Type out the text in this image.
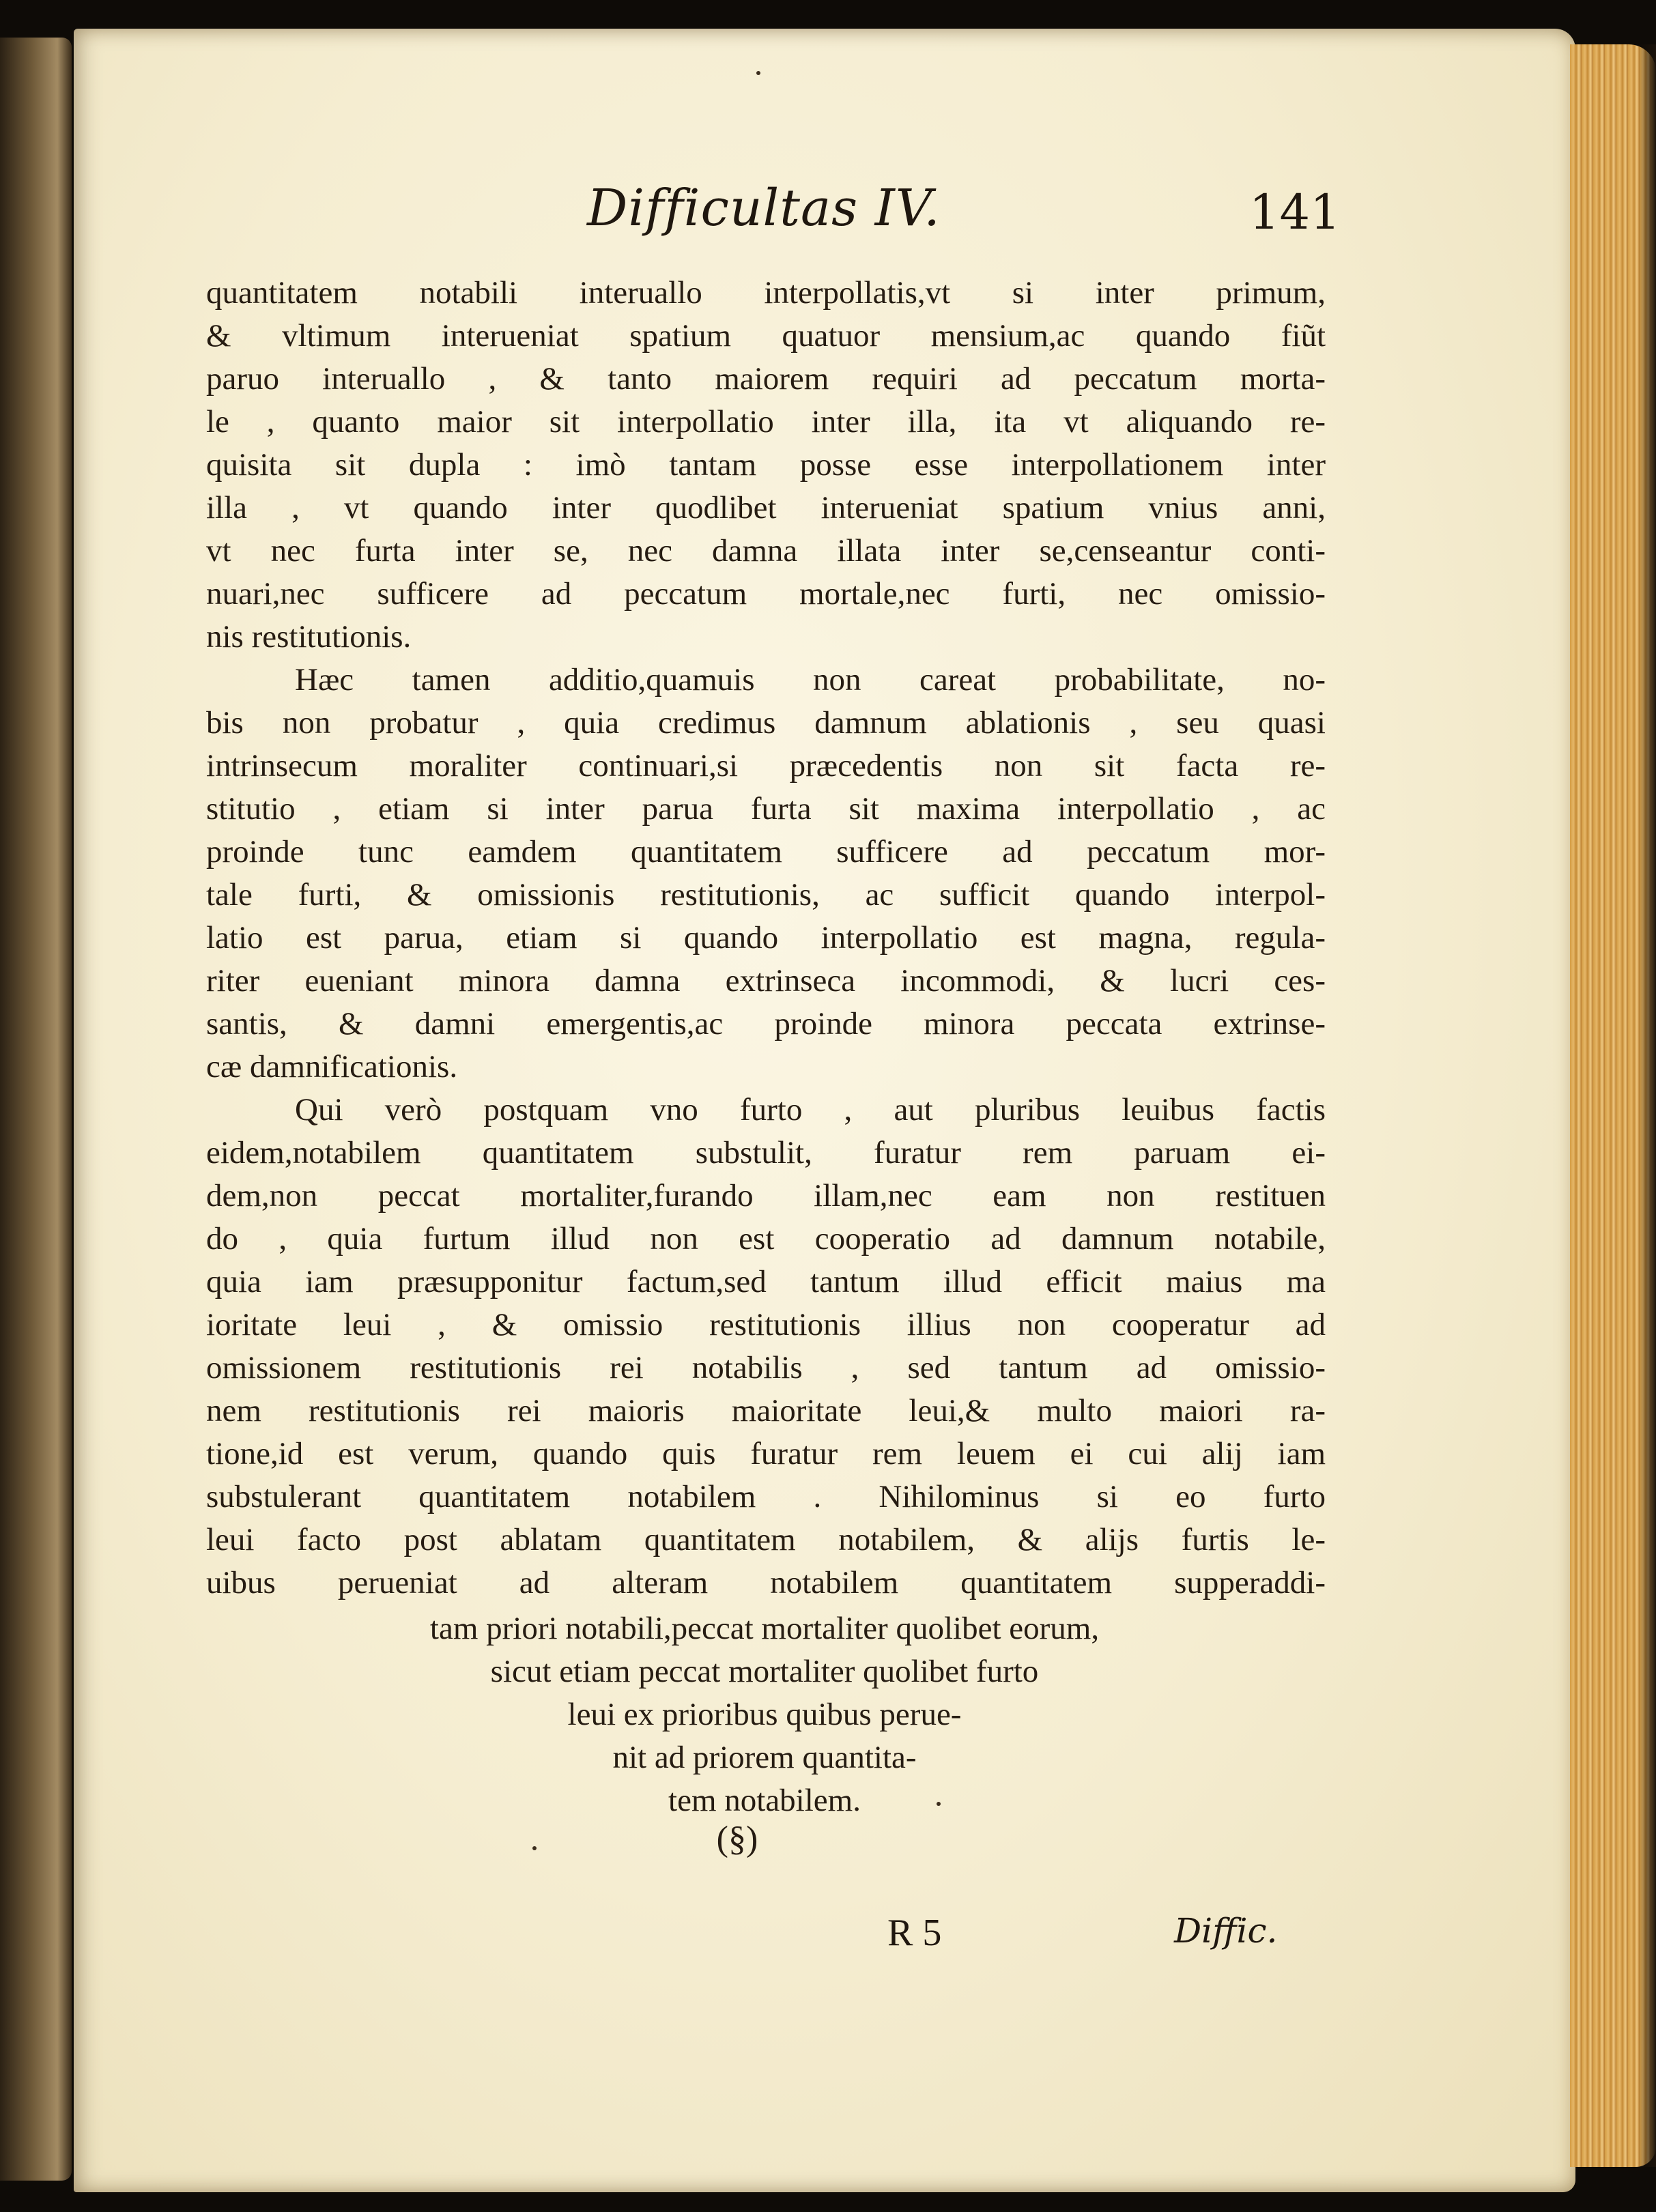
Difficultas IV.	141
quantitatem notabili interuallo interpollatis,vt si inter primum,
& vltimum interueniat spatium quatuor mensium,ac quando fiũt
paruo interuallo , & tanto maiorem requiri ad peccatum morta-
le , quanto maior sit interpollatio inter illa, ita vt aliquando re-
quisita sit dupla : imò tantam posse esse interpollationem inter
illa , vt quando inter quodlibet interueniat spatium vnius anni,
vt nec furta inter se, nec damna illata inter se,censeantur conti-
nuari,nec sufficere ad peccatum mortale,nec furti, nec omissio-
nis restitutionis.
Hæc tamen additio,quamuis non careat probabilitate, no-
bis non probatur , quia credimus damnum ablationis , seu quasi
intrinsecum moraliter continuari,si præcedentis non sit facta re-
stitutio , etiam si inter parua furta sit maxima interpollatio , ac
proinde tunc eamdem quantitatem sufficere ad peccatum mor-
tale furti, & omissionis restitutionis, ac sufficit quando interpol-
latio est parua, etiam si quando interpollatio est magna, regula-
riter eueniant minora damna extrinseca incommodi, & lucri ces-
santis, & damni emergentis,ac proinde minora peccata extrinse-
cæ damnificationis.
Qui verò postquam vno furto , aut pluribus leuibus factis
eidem,notabilem quantitatem substulit, furatur rem paruam ei-
dem,non peccat mortaliter,furando illam,nec eam non restituen
do , quia furtum illud non est cooperatio ad damnum notabile,
quia iam præsupponitur factum,sed tantum illud efficit maius ma
ioritate leui , & omissio restitutionis illius non cooperatur ad
omissionem restitutionis rei notabilis , sed tantum ad omissio-
nem restitutionis rei maioris maioritate leui,& multo maiori ra-
tione,id est verum, quando quis furatur rem leuem ei cui alij iam
substulerant quantitatem notabilem . Nihilominus si eo furto
leui facto post ablatam quantitatem notabilem, & alijs furtis le-
uibus perueniat ad alteram notabilem quantitatem supperaddi-
tam priori notabili,peccat mortaliter quolibet eorum,
sicut etiam peccat mortaliter quolibet furto
leui ex prioribus quibus perue-
nit ad priorem quantita-
tem notabilem.
(§)
R 5	Diffic.
